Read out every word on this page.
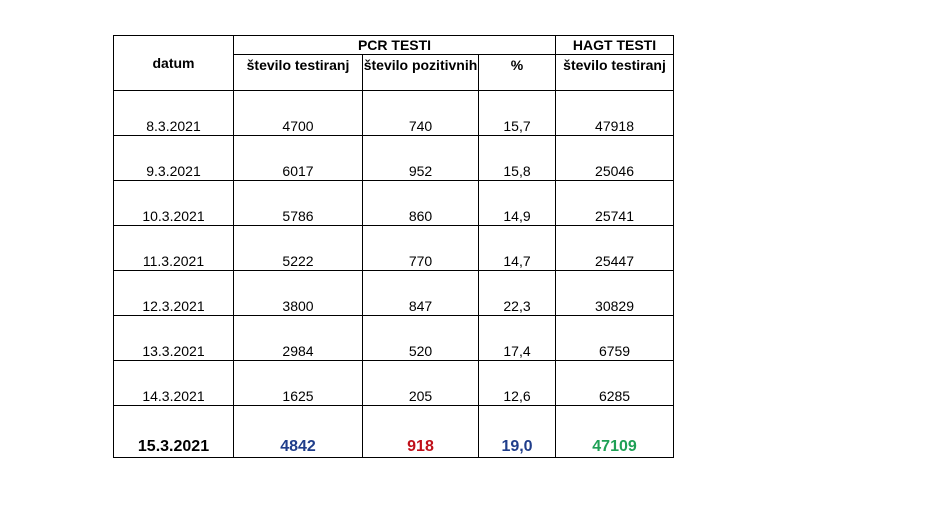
datum	PCR TESTI			HAGT TESTI
	število testiranj	število pozitivnih	%	število testiranj

8.3.2021	4700	740	15,7	47918

9.3.2021	6017	952	15,8	25046

10.3.2021	5786	860	14,9	25741

11.3.2021	5222	770	14,7	25447

12.3.2021	3800	847	22,3	30829

13.3.2021	2984	520	17,4	6759

14.3.2021	1625	205	12,6	6285

15.3.2021	4842	918	19,0	47109
